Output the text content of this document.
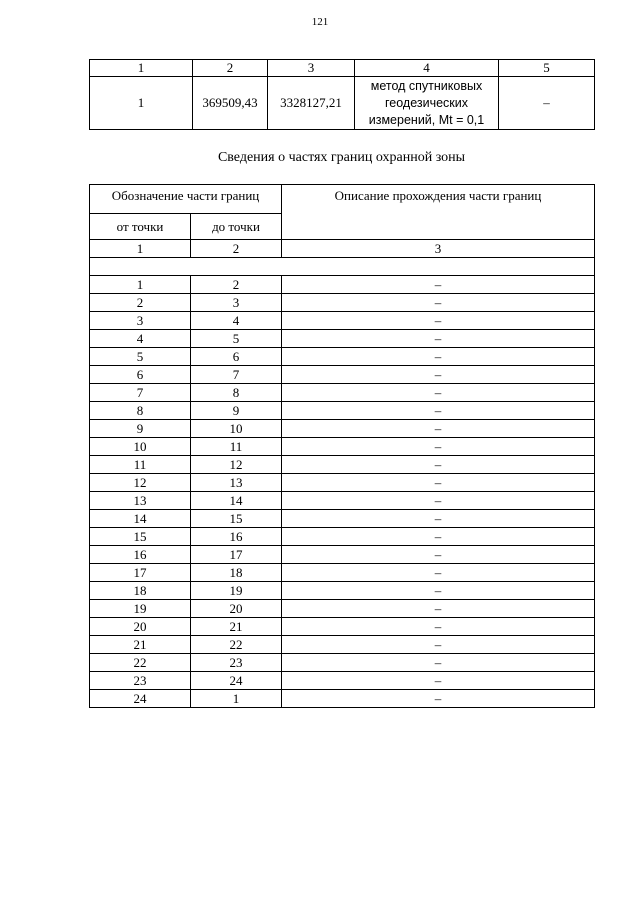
121
1	2	3	4	5
1	369509,43	3328127,21	метод спутниковых
геодезических
измерений, Mt = 0,1	–
Сведения о частях границ охранной зоны
Обозначение части границ		Описание прохождения части границ
от точки	до точки	
1	2	3

1	2	–
2	3	–
3	4	–
4	5	–
5	6	–
6	7	–
7	8	–
8	9	–
9	10	–
10	11	–
11	12	–
12	13	–
13	14	–
14	15	–
15	16	–
16	17	–
17	18	–
18	19	–
19	20	–
20	21	–
21	22	–
22	23	–
23	24	–
24	1	–
